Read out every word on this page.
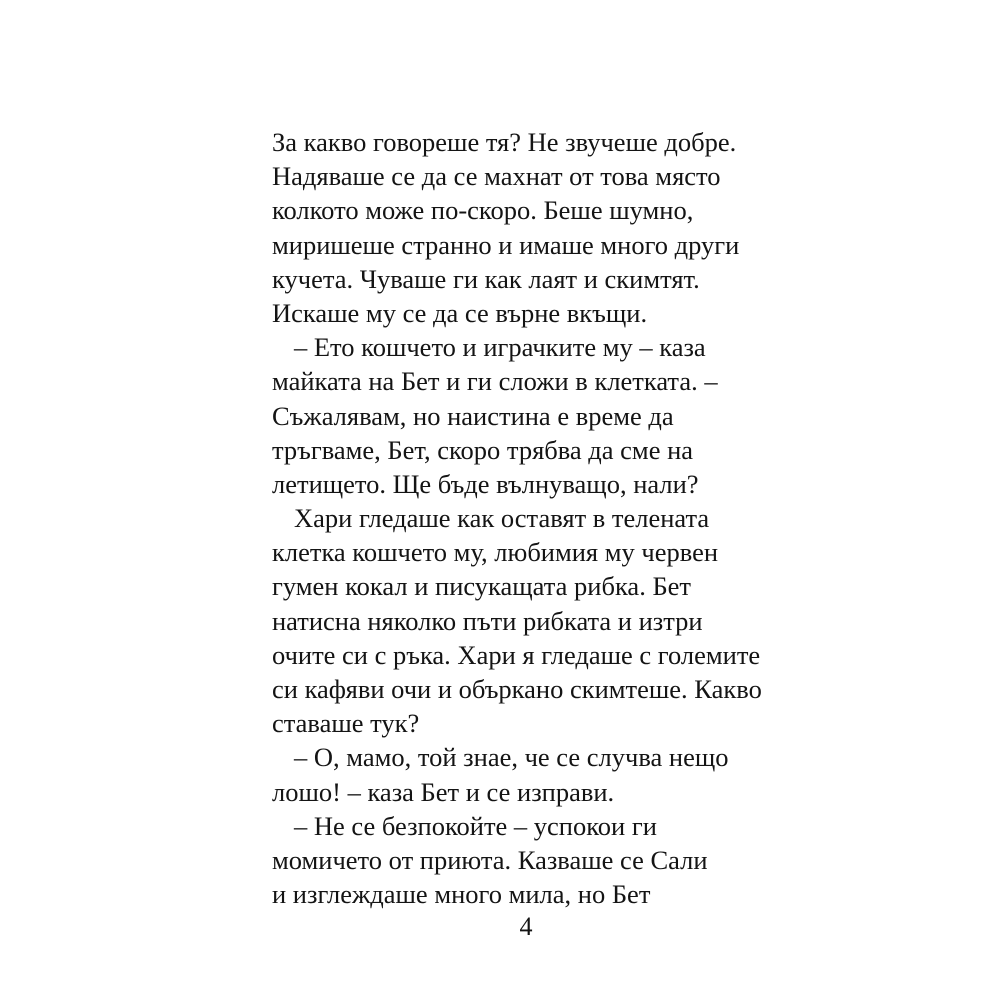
За какво говореше тя? Не звучеше добре.
Надяваше се да се махнат от това място
колкото може по-скоро. Беше шумно,
миришеше странно и имаше много други
кучета. Чуваше ги как лаят и скимтят.
Искаше му се да се върне вкъщи.
– Ето кошчето и играчките му – каза
майката на Бет и ги сложи в клетката. –
Съжалявам, но наистина е време да
тръгваме, Бет, скоро трябва да сме на
летището. Ще бъде вълнуващо, нали?
Хари гледаше как оставят в телената
клетка кошчето му, любимия му червен
гумен кокал и писукащата рибка. Бет
натисна няколко пъти рибката и изтри
очите си с ръка. Хари я гледаше с големите
си кафяви очи и объркано скимтеше. Какво
ставаше тук?
– О, мамо, той знае, че се случва нещо
лошо! – каза Бет и се изправи.
– Не се безпокойте – успокои ги
момичето от приюта. Казваше се Сали
и изглеждаше много мила, но Бет
4
